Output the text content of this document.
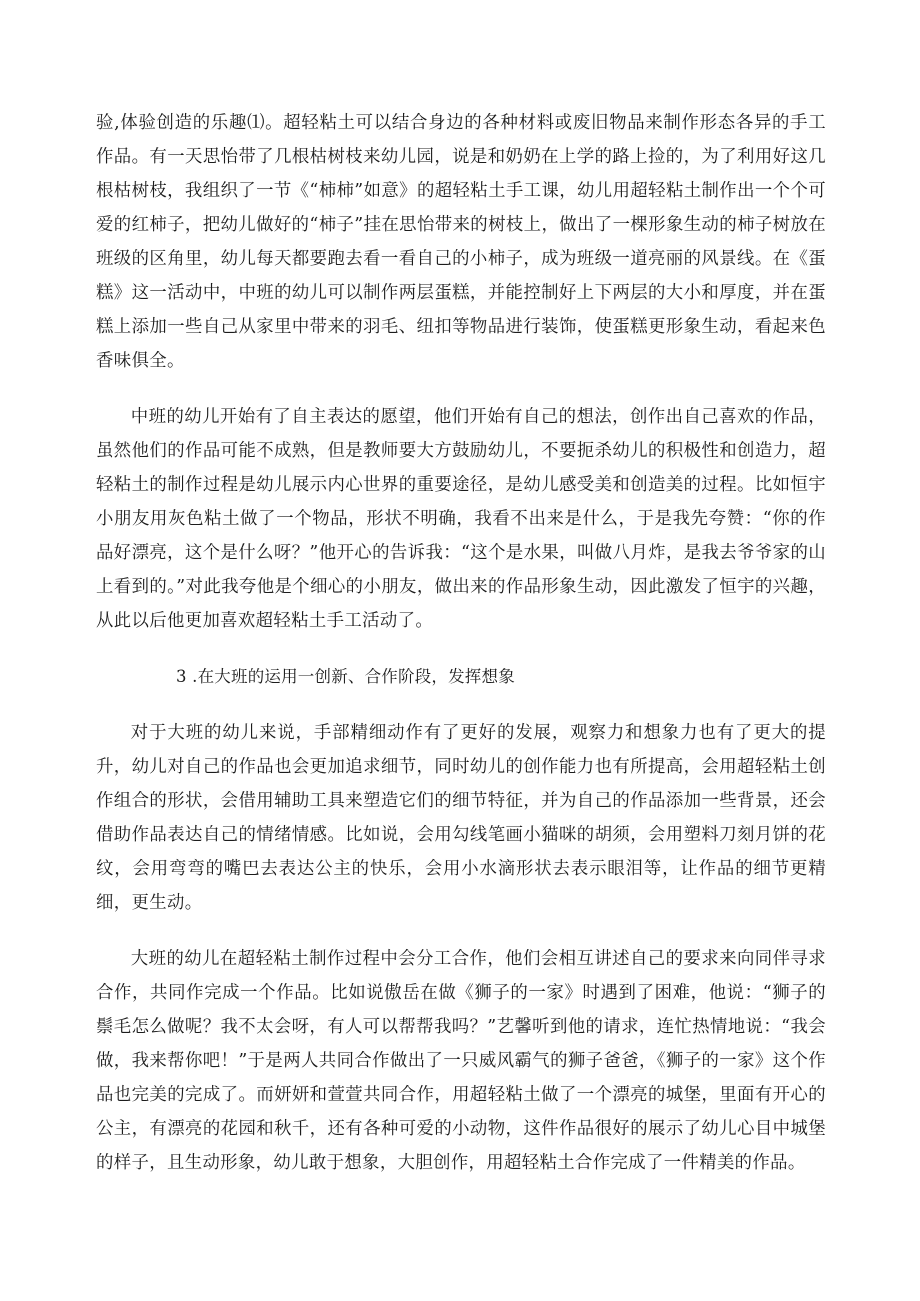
验,体验创造的乐趣⑴。超轻粘土可以结合身边的各种材料或废旧物品来制作形态各异的手工作品。有一天思怡带了几根枯树枝来幼儿园，说是和奶奶在上学的路上捡的，为了利用好这几根枯树枝，我组织了一节《“柿柿”如意》的超轻粘土手工课，幼儿用超轻粘土制作出一个个可爱的红柿子，把幼儿做好的“柿子”挂在思怡带来的树枝上，做出了一棵形象生动的柿子树放在班级的区角里，幼儿每天都要跑去看一看自己的小柿子，成为班级一道亮丽的风景线。在《蛋糕》这一活动中，中班的幼儿可以制作两层蛋糕，并能控制好上下两层的大小和厚度，并在蛋糕上添加一些自己从家里中带来的羽毛、纽扣等物品进行装饰，使蛋糕更形象生动，看起来色香味俱全。

中班的幼儿开始有了自主表达的愿望，他们开始有自己的想法，创作出自己喜欢的作品，虽然他们的作品可能不成熟，但是教师要大方鼓励幼儿，不要扼杀幼儿的积极性和创造力，超轻粘土的制作过程是幼儿展示内心世界的重要途径，是幼儿感受美和创造美的过程。比如恒宇小朋友用灰色粘土做了一个物品，形状不明确，我看不出来是什么，于是我先夸赞：“你的作品好漂亮，这个是什么呀？”他开心的告诉我：“这个是水果，叫做八月炸，是我去爷爷家的山上看到的。”对此我夸他是个细心的小朋友，做出来的作品形象生动，因此激发了恒宇的兴趣，从此以后他更加喜欢超轻粘土手工活动了。

3 .在大班的运用一创新、合作阶段，发挥想象

对于大班的幼儿来说，手部精细动作有了更好的发展，观察力和想象力也有了更大的提升，幼儿对自己的作品也会更加追求细节，同时幼儿的创作能力也有所提高，会用超轻粘土创作组合的形状，会借用辅助工具来塑造它们的细节特征，并为自己的作品添加一些背景，还会借助作品表达自己的情绪情感。比如说，会用勾线笔画小猫咪的胡须，会用塑料刀刻月饼的花纹，会用弯弯的嘴巴去表达公主的快乐，会用小水滴形状去表示眼泪等，让作品的细节更精细，更生动。

大班的幼儿在超轻粘土制作过程中会分工合作，他们会相互讲述自己的要求来向同伴寻求合作，共同作完成一个作品。比如说傲岳在做《狮子的一家》时遇到了困难，他说：“狮子的鬃毛怎么做呢？我不太会呀，有人可以帮帮我吗？”艺馨听到他的请求，连忙热情地说：“我会做，我来帮你吧！”于是两人共同合作做出了一只威风霸气的狮子爸爸，《狮子的一家》这个作品也完美的完成了。而妍妍和萱萱共同合作，用超轻粘土做了一个漂亮的城堡，里面有开心的公主，有漂亮的花园和秋千，还有各种可爱的小动物，这件作品很好的展示了幼儿心目中城堡的样子，且生动形象，幼儿敢于想象，大胆创作，用超轻粘土合作完成了一件精美的作品。
